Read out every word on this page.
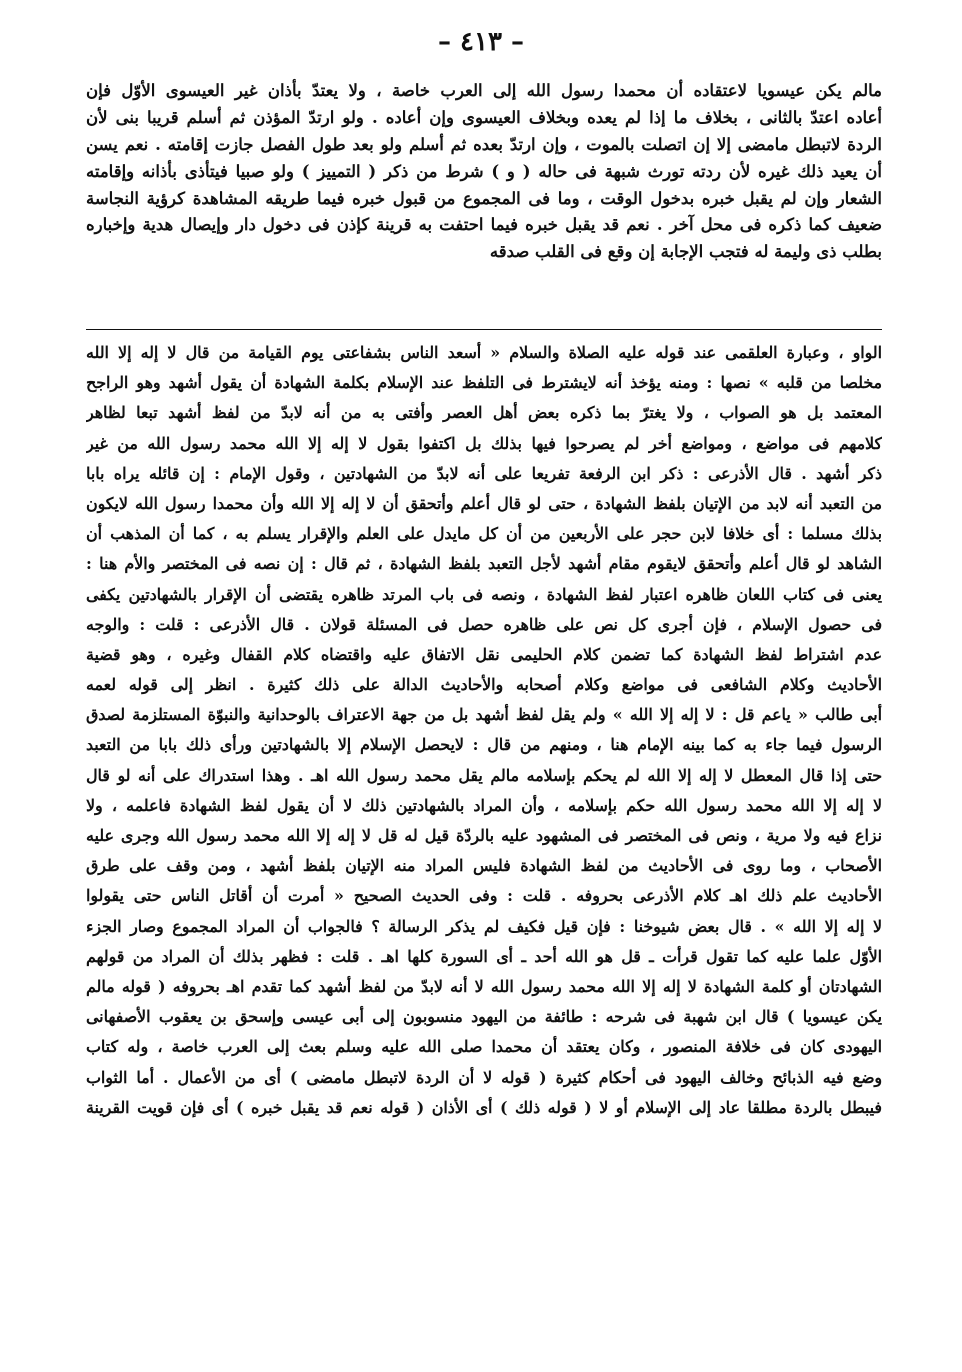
– ٤١٣ –
مالم يكن عيسويا لاعتقاده أن محمدا رسول الله إلى العرب خاصة ، ولا يعتدّ بأذان غير العيسوى الأوّل فإن
أعاده اعتدّ بالثانى ، بخلاف ما إذا لم يعده وبخلاف العيسوى وإن أعاده . ولو ارتدّ المؤذن ثم أسلم قريبا بنى لأن
الردة لاتبطل مامضى إلا إن اتصلت بالموت ، وإن ارتدّ بعده ثم أسلم ولو بعد طول الفصل جازت إقامته . نعم يسن
أن يعيد ذلك غيره لأن ردته تورث شبهة فى حاله ( و ) شرط من ذكر ( التمييز ) ولو صبيا فيتأذى بأذانه وإقامته
الشعار وإن لم يقبل خبره بدخول الوقت ، وما فى المجموع من قبول خبره فيما طريقه المشاهدة كرؤية النجاسة
ضعيف كما ذكره فى محل آخر . نعم قد يقبل خبره فيما احتفت به قرينة كإذن فى دخول دار وإيصال هدية وإخباره
بطلب ذى وليمة له فتجب الإجابة إن وقع فى القلب صدقه
الواو ، وعبارة العلقمى عند قوله عليه الصلاة والسلام « أسعد الناس بشفاعتى يوم القيامة من قال لا إله إلا الله
مخلصا من قلبه » نصها : ومنه يؤخذ أنه لايشترط فى التلفظ عند الإسلام بكلمة الشهادة أن يقول أشهد وهو الراجح
المعتمد بل هو الصواب ، ولا يغترّ بما ذكره بعض أهل العصر وأفتى به من أنه لابدّ من لفظ أشهد تبعا لظاهر
كلامهم فى مواضع ، ومواضع أخر لم يصرحوا فيها بذلك بل اكتفوا بقول لا إله إلا الله محمد رسول الله من غير
ذكر أشهد . قال الأذرعى : ذكر ابن الرفعة تفريعا على أنه لابدّ من الشهادتين ، وقول الإمام : إن قائله يراه بابا
من التعبد أنه لابد من الإتيان بلفظ الشهادة ، حتى لو قال أعلم وأتحقق أن لا إله إلا الله وأن محمدا رسول الله لايكون
بذلك مسلما : أى خلافا لابن حجر على الأربعين من أن كل مايدل على العلم والإقرار يسلم به ، كما أن المذهب أن
الشاهد لو قال أعلم وأتحقق لايقوم مقام أشهد لأجل التعبد بلفظ الشهادة ، ثم قال : إن نصه فى المختصر والأم هنا :
يعنى فى كتاب اللعان ظاهره اعتبار لفظ الشهادة ، ونصه فى باب المرتد ظاهره يقتضى أن الإقرار بالشهادتين يكفى
فى حصول الإسلام ، فإن أجرى كل نص على ظاهره حصل فى المسئلة قولان . قال الأذرعى : قلت : والوجه
عدم اشتراط لفظ الشهادة كما تضمن كلام الحليمى نقل الاتفاق عليه واقتضاه كلام القفال وغيره ، وهو قضية
الأحاديث وكلام الشافعى فى مواضع وكلام أصحابه والأحاديث الدالة على ذلك كثيرة . انظر إلى قوله لعمه
أبى طالب « ياعم قل : لا إله إلا الله » ولم يقل لفظ أشهد بل من جهة الاعتراف بالوحدانية والنبوّة المستلزمة لصدق
الرسول فيما جاء به كما بينه الإمام هنا ، ومنهم من قال : لايحصل الإسلام إلا بالشهادتين ورأى ذلك بابا من التعبد
حتى إذا قال المعطل لا إله إلا الله لم يحكم بإسلامه مالم يقل محمد رسول الله اهـ . وهذا استدراك على أنه لو قال
لا إله إلا الله محمد رسول الله حكم بإسلامه ، وأن المراد بالشهادتين ذلك لا أن يقول لفظ الشهادة فاعلمه ، ولا
نزاع فيه ولا مرية ، ونص فى المختصر فى المشهود عليه بالردّة قيل له قل لا إله إلا الله محمد رسول الله وجرى عليه
الأصحاب ، وما روى فى الأحاديث من لفظ الشهادة فليس المراد منه الإتيان بلفظ أشهد ، ومن وقف على طرق
الأحاديث علم ذلك اهـ كلام الأذرعى بحروفه . قلت : وفى الحديث الصحيح « أمرت أن أقاتل الناس حتى يقولوا
لا إله إلا الله » . قال بعض شيوخنا : فإن قيل فكيف لم يذكر الرسالة ؟ فالجواب أن المراد المجموع وصار الجزء
الأوّل علما عليه كما تقول قرأت ـ قل هو الله أحد ـ أى السورة كلها اهـ . قلت : فظهر بذلك أن المراد من قولهم
الشهادتان أو كلمة الشهادة لا إله إلا الله محمد رسول الله لا أنه لابدّ من لفظ أشهد كما تقدم اهـ بحروفه ( قوله مالم
يكن عيسويا ) قال ابن شهبة فى شرحه : طائفة من اليهود منسوبون إلى أبى عيسى وإسحق بن يعقوب الأصفهانى
اليهودى كان فى خلافة المنصور ، وكان يعتقد أن محمدا صلى الله عليه وسلم بعث إلى العرب خاصة ، وله كتاب
وضع فيه الذبائح وخالف اليهود فى أحكام كثيرة ( قوله لا أن الردة لاتبطل مامضى ) أى من الأعمال . أما الثواب
فيبطل بالردة مطلقا عاد إلى الإسلام أو لا ( قوله ذلك ) أى الأذان ( قوله نعم قد يقبل خبره ) أى فإن قويت القرينة
